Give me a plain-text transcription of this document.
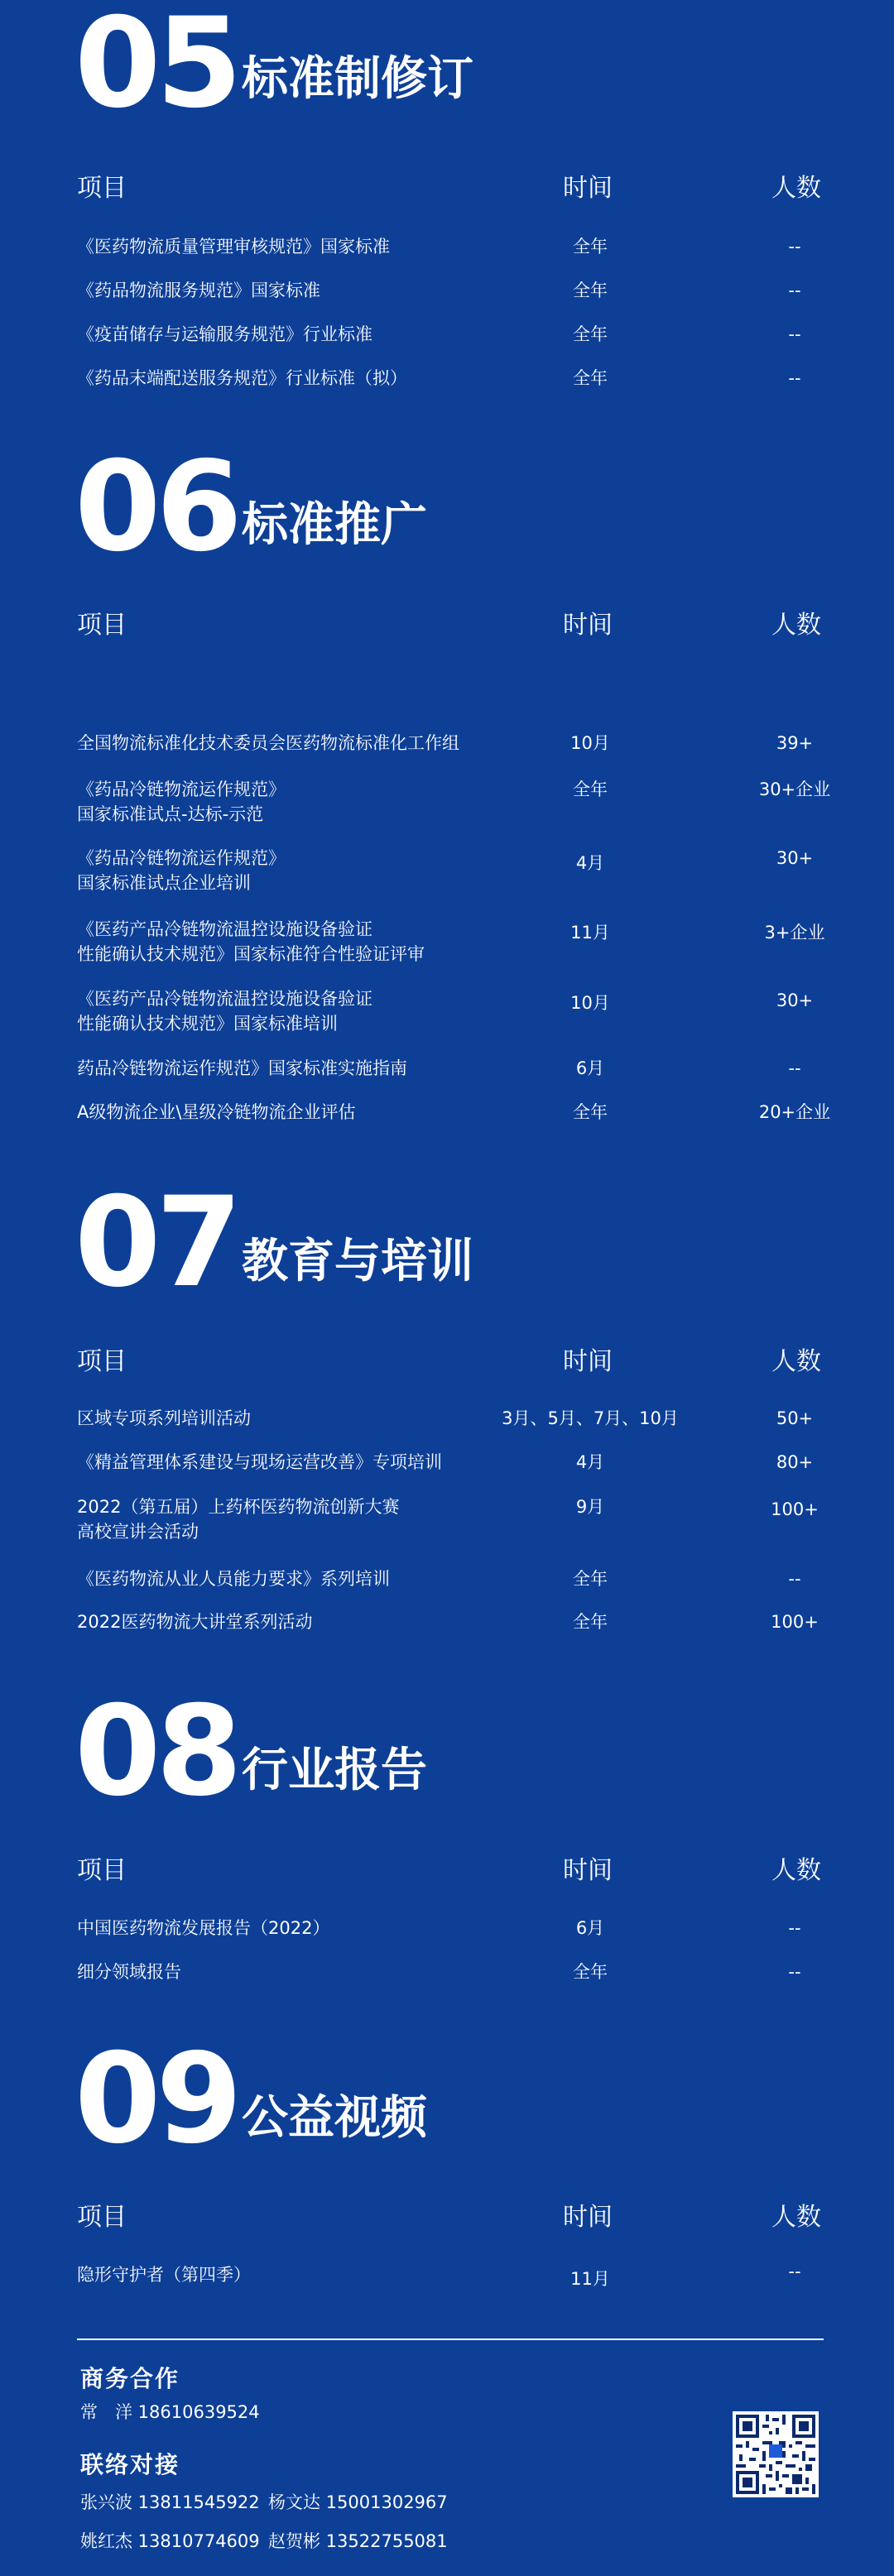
05 标准制修订
项目	时间	人数
《医药物流质量管理审核规范》国家标准	全年	--
《药品物流服务规范》国家标准	全年	--
《疫苗储存与运输服务规范》行业标准	全年	--
《药品末端配送服务规范》行业标准（拟）	全年	--
06 标准推广
项目	时间	人数
全国物流标准化技术委员会医药物流标准化工作组	10月	39+
《药品冷链物流运作规范》
国家标准试点-达标-示范
全年	30+企业
《药品冷链物流运作规范》
国家标准试点企业培训
4月	30+
《医药产品冷链物流温控设施设备验证
性能确认技术规范》国家标准符合性验证评审
11月	3+企业
《医药产品冷链物流温控设施设备验证
性能确认技术规范》国家标准培训
10月	30+
药品冷链物流运作规范》国家标准实施指南	6月	--
A级物流企业\星级冷链物流企业评估	全年	20+企业
07 教育与培训
项目	时间	人数
区域专项系列培训活动	3月、5月、7月、10月	50+
《精益管理体系建设与现场运营改善》专项培训	4月	80+
2022（第五届）上药杯医药物流创新大赛
高校宣讲会活动
9月	100+
《医药物流从业人员能力要求》系列培训	全年	--
2022医药物流大讲堂系列活动	全年	100+
08 行业报告
项目	时间	人数
中国医药物流发展报告（2022）	6月	--
细分领域报告	全年	--
09 公益视频
项目	时间	人数
隐形守护者（第四季）	11月	--
商务合作
常　洋 18610639524
联络对接
张兴波 13811545922 杨文达 15001302967
姚红杰 13810774609 赵贺彬 13522755081
